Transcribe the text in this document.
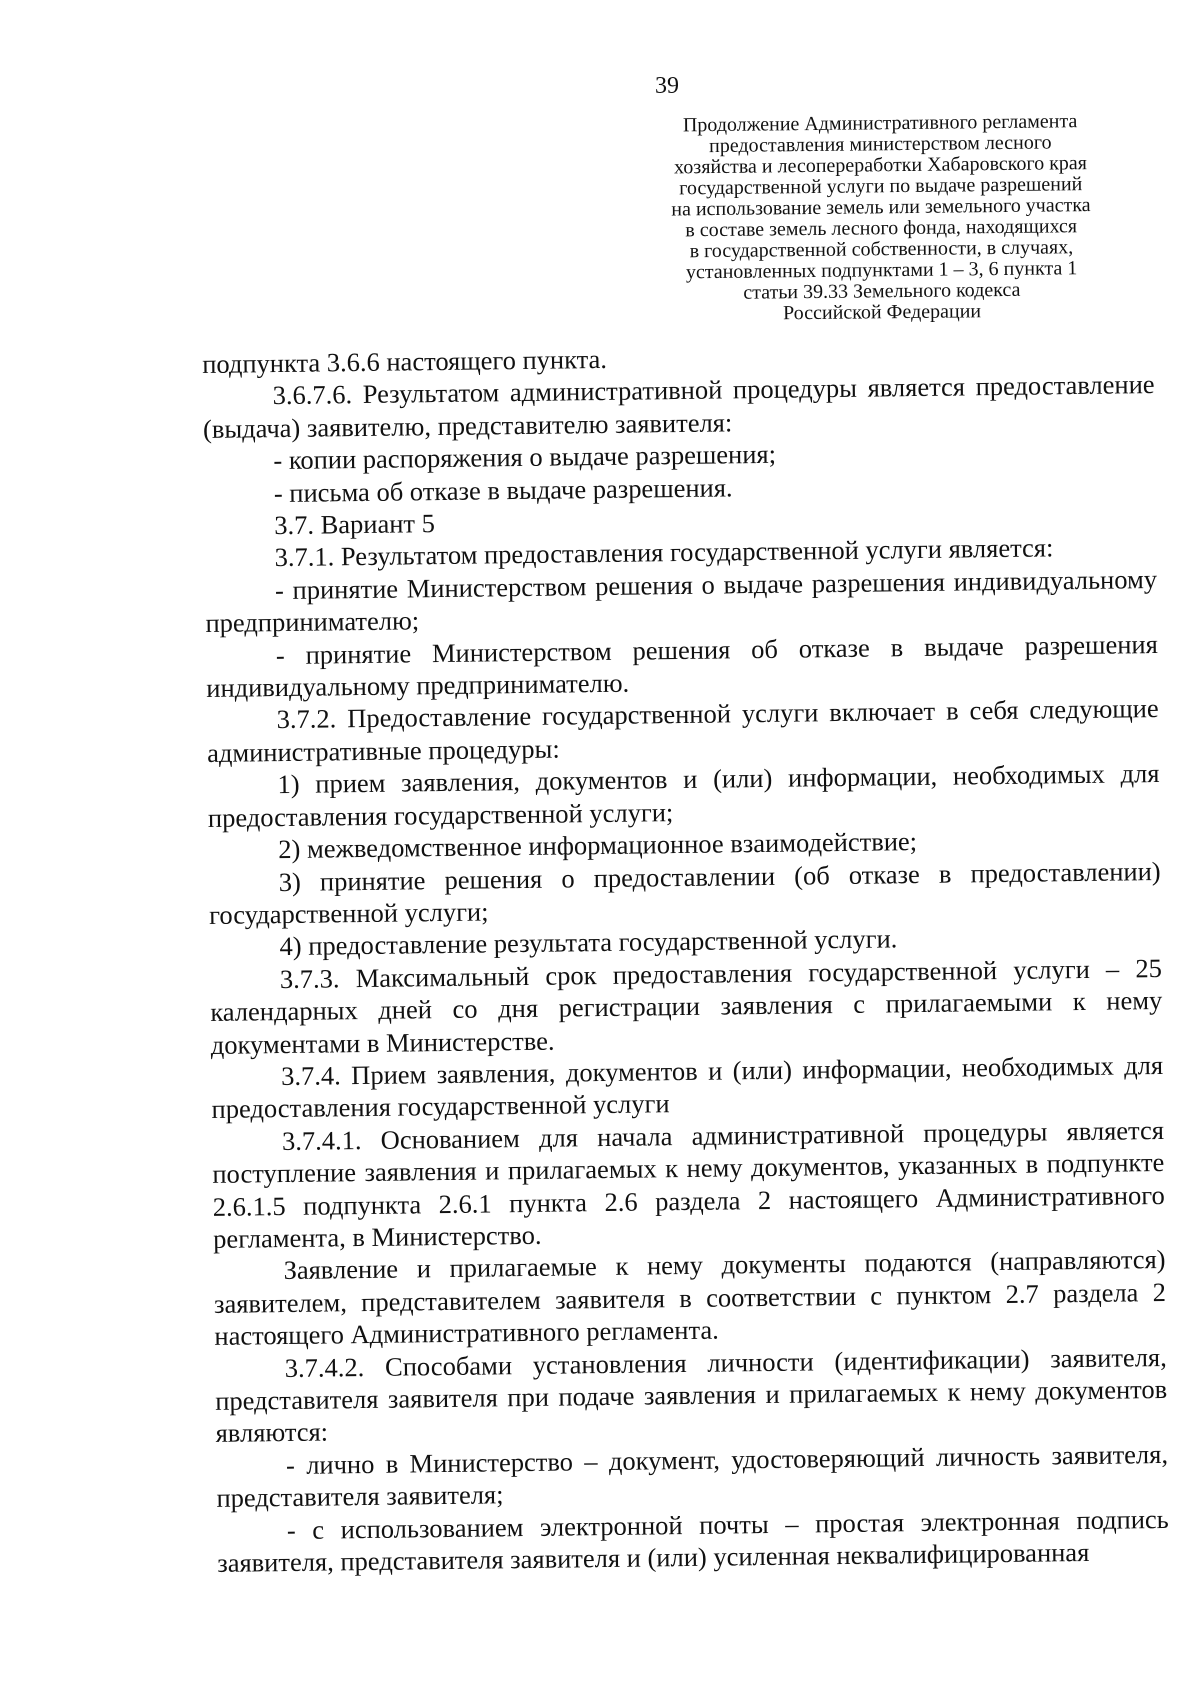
39
Продолжение Административного регламента
предоставления министерством лесного
хозяйства и лесопереработки Хабаровского края
государственной услуги по выдаче разрешений
на использование земель или земельного участка
в составе земель лесного фонда, находящихся
в государственной собственности, в случаях,
установленных подпунктами 1 – 3, 6 пункта 1
статьи 39.33 Земельного кодекса
Российской Федерации

подпункта 3.6.6 настоящего пункта.

3.6.7.6. Результатом административной процедуры является предоставление (выдача) заявителю, представителю заявителя:

- копии распоряжения о выдаче разрешения;

- письма об отказе в выдаче разрешения.

3.7. Вариант 5

3.7.1. Результатом предоставления государственной услуги является:

- принятие Министерством решения о выдаче разрешения индивидуальному предпринимателю;

- принятие Министерством решения об отказе в выдаче разрешения индивидуальному предпринимателю.

3.7.2. Предоставление государственной услуги включает в себя следующие административные процедуры:

1) прием заявления, документов и (или) информации, необходимых для предоставления государственной услуги;

2) межведомственное информационное взаимодействие;

3) принятие решения о предоставлении (об отказе в предоставлении) государственной услуги;

4) предоставление результата государственной услуги.

3.7.3. Максимальный срок предоставления государственной услуги – 25 календарных дней со дня регистрации заявления с прилагаемыми к нему документами в Министерстве.

3.7.4. Прием заявления, документов и (или) информации, необходимых для предоставления государственной услуги

3.7.4.1. Основанием для начала административной процедуры является поступление заявления и прилагаемых к нему документов, указанных в подпункте 2.6.1.5 подпункта 2.6.1 пункта 2.6 раздела 2 настоящего Административного регламента, в Министерство.

Заявление и прилагаемые к нему документы подаются (направляются) заявителем, представителем заявителя в соответствии с пунктом 2.7 раздела 2 настоящего Административного регламента.

3.7.4.2. Способами установления личности (идентификации) заявителя, представителя заявителя при подаче заявления и прилагаемых к нему документов являются:

- лично в Министерство – документ, удостоверяющий личность заявителя, представителя заявителя;

- с использованием электронной почты – простая электронная подпись заявителя, представителя заявителя и (или) усиленная неквалифицированная
